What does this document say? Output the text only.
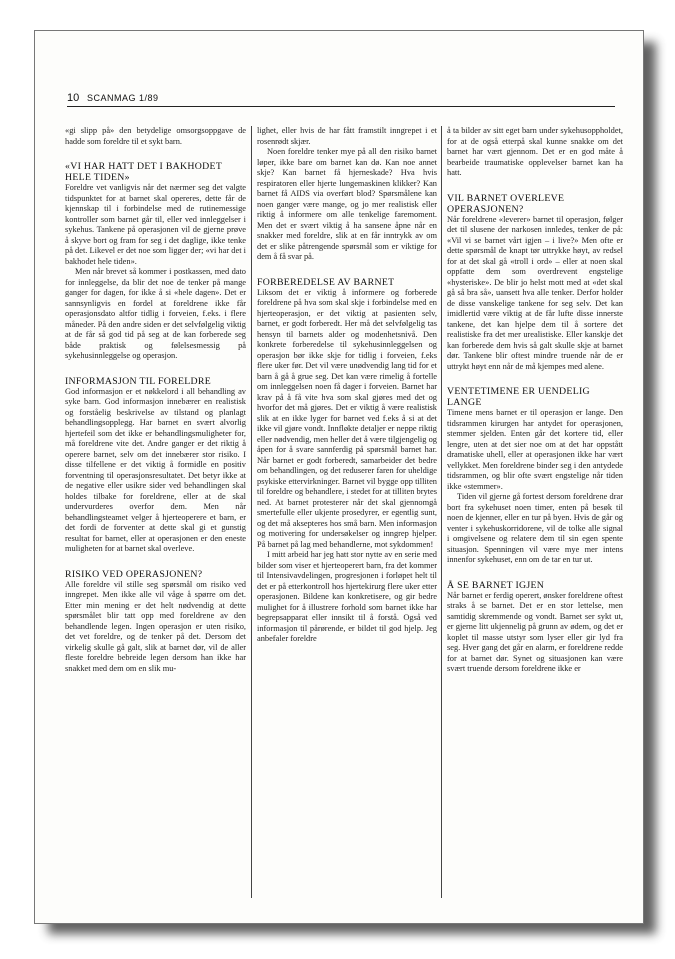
10 SCANMAG 1/89

«gi slipp på» den betydelige omsorgsoppgave de hadde som foreldre til et sykt barn.

«VI HAR HATT DET I BAKHODET HELE TIDEN»

Foreldre vet vanligvis når det nærmer seg det valgte tidspunktet for at barnet skal opereres, dette får de kjennskap til i forbindelse med de rutinemessige kontroller som barnet går til, eller ved innleggelser i sykehus. Tankene på operasjonen vil de gjerne prøve å skyve bort og fram for seg i det daglige, ikke tenke på det. Likevel er det noe som ligger der; «vi har det i bakhodet hele tiden».

Men når brevet så kommer i postkassen, med dato for innleggelse, da blir det noe de tenker på mange ganger for dagen, for ikke å si «hele dagen». Det er sannsynligvis en fordel at foreldrene ikke får operasjonsdato altfor tidlig i forveien, f.eks. i flere måneder. På den andre siden er det selvfølgelig viktig at de får så god tid på seg at de kan forberede seg både praktisk og følelsesmessig på sykehusinnleggelse og operasjon.

INFORMASJON TIL FORELDRE

God informasjon er et nøkkelord i all behandling av syke barn. God informasjon innebærer en realistisk og forståelig beskrivelse av tilstand og planlagt behandlingsopplegg. Har barnet en svært alvorlig hjertefeil som det ikke er behandlingsmuligheter for, må foreldrene vite det. Andre ganger er det riktig å operere barnet, selv om det innebærer stor risiko. I disse tilfellene er det viktig å formidle en positiv forventning til operasjonsresultatet. Det betyr ikke at de negative eller usikre sider ved behandlingen skal holdes tilbake for foreldrene, eller at de skal undervurderes overfor dem. Men når behandlingsteamet velger å hjerteoperere et barn, er det fordi de forventer at dette skal gi et gunstig resultat for barnet, eller at operasjonen er den eneste muligheten for at barnet skal overleve.

RISIKO VED OPERASJONEN?

Alle foreldre vil stille seg spørsmål om risiko ved inngrepet. Men ikke alle vil våge å spørre om det. Etter min mening er det helt nødvendig at dette spørsmålet blir tatt opp med foreldrene av den behandlende legen. Ingen operasjon er uten risiko, det vet foreldre, og de tenker på det. Dersom det virkelig skulle gå galt, slik at barnet dør, vil de aller fleste foreldre bebreide legen dersom han ikke har snakket med dem om en slik mu-

lighet, eller hvis de har fått framstilt inngrepet i et rosenrødt skjær.

Noen foreldre tenker mye på all den risiko barnet løper, ikke bare om barnet kan dø. Kan noe annet skje? Kan barnet få hjerneskade? Hva hvis respiratoren eller hjerte lungemaskinen klikker? Kan barnet få AIDS via overført blod? Spørsmålene kan noen ganger være mange, og jo mer realistisk eller riktig å informere om alle tenkelige faremoment. Men det er svært viktig å ha sansene åpne når en snakker med foreldre, slik at en får inntrykk av om det er slike påtrengende spørsmål som er viktige for dem å få svar på.

FORBEREDELSE AV BARNET

Liksom det er viktig å informere og forberede foreldrene på hva som skal skje i forbindelse med en hjerteoperasjon, er det viktig at pasienten selv, barnet, er godt forberedt. Her må det selvfølgelig tas hensyn til barnets alder og modenhetsnivå. Den konkrete forberedelse til sykehusinnleggelsen og operasjon bør ikke skje for tidlig i forveien, f.eks flere uker før. Det vil være unødvendig lang tid for et barn å gå å grue seg. Det kan være rimelig å fortelle om innleggelsen noen få dager i forveien. Barnet har krav på å få vite hva som skal gjøres med det og hvorfor det må gjøres. Det er viktig å være realistisk slik at en ikke lyger for barnet ved f.eks å si at det ikke vil gjøre vondt. Innfløkte detaljer er neppe riktig eller nødvendig, men heller det å være tilgjengelig og åpen for å svare sannferdig på spørsmål barnet har. Når barnet er godt forberedt, samarbeider det bedre om behandlingen, og det reduserer faren for uheldige psykiske ettervirkninger. Barnet vil bygge opp tilliten til foreldre og behandlere, i stedet for at tilliten brytes ned. At barnet protesterer når det skal gjennomgå smertefulle eller ukjente prosedyrer, er egentlig sunt, og det må aksepteres hos små barn. Men informasjon og motivering for undersøkelser og inngrep hjelper. På barnet på lag med behandlerne, mot sykdommen!

I mitt arbeid har jeg hatt stor nytte av en serie med bilder som viser et hjerteoperert barn, fra det kommer til Intensivavdelingen, progresjonen i forløpet helt til det er på etterkontroll hos hjertekirurg flere uker etter operasjonen. Bildene kan konkretisere, og gir bedre mulighet for å illustrere forhold som barnet ikke har begrepsapparat eller innsikt til å forstå. Også ved informasjon til pårørende, er bildet til god hjelp. Jeg anbefaler foreldre

å ta bilder av sitt eget barn under sykehusoppholdet, for at de også etterpå skal kunne snakke om det barnet har vært gjennom. Det er en god måte å bearbeide traumatiske opplevelser barnet kan ha hatt.

VIL BARNET OVERLEVE OPERASJONEN?

Når foreldrene «leverer» barnet til operasjon, følger det til slusene der narkosen innledes, tenker de på: «Vil vi se barnet vårt igjen – i live?» Men ofte er dette spørsmål de knapt tør uttrykke høyt, av redsel for at det skal gå «troll i ord» – eller at noen skal oppfatte dem som overdrevent engstelige «hysteriske». De blir jo helst mott med at «det skal gå så bra så», uansett hva alle tenker. Derfor holder de disse vanskelige tankene for seg selv. Det kan imidlertid være viktig at de får lufte disse innerste tankene, det kan hjelpe dem til å sortere det realistiske fra det mer urealistiske. Eller kanskje det kan forberede dem hvis så galt skulle skje at barnet dør. Tankene blir oftest mindre truende når de er uttrykt høyt enn når de må kjempes med alene.

VENTETIMENE ER UENDELIG LANGE

Timene mens barnet er til operasjon er lange. Den tidsrammen kirurgen har antydet for operasjonen, stemmer sjelden. Enten går det kortere tid, eller lengre, uten at det sier noe om at det har oppstått dramatiske uhell, eller at operasjonen ikke har vært vellykket. Men foreldrene binder seg i den antydede tidsrammen, og blir ofte svært engstelige når tiden ikke «stemmer».

Tiden vil gjerne gå fortest dersom foreldrene drar bort fra sykehuset noen timer, enten på besøk til noen de kjenner, eller en tur på byen. Hvis de går og venter i sykehuskorridorene, vil de tolke alle signal i omgivelsene og relatere dem til sin egen spente situasjon. Spenningen vil være mye mer intens innenfor sykehuset, enn om de tar en tur ut.

Å SE BARNET IGJEN

Når barnet er ferdig operert, ønsker foreldrene oftest straks å se barnet. Det er en stor lettelse, men samtidig skremmende og vondt. Barnet ser sykt ut, er gjerne litt ukjennelig på grunn av ødem, og det er koplet til masse utstyr som lyser eller gir lyd fra seg. Hver gang det går en alarm, er foreldrene redde for at barnet dør. Synet og situasjonen kan være svært truende dersom foreldrene ikke er
